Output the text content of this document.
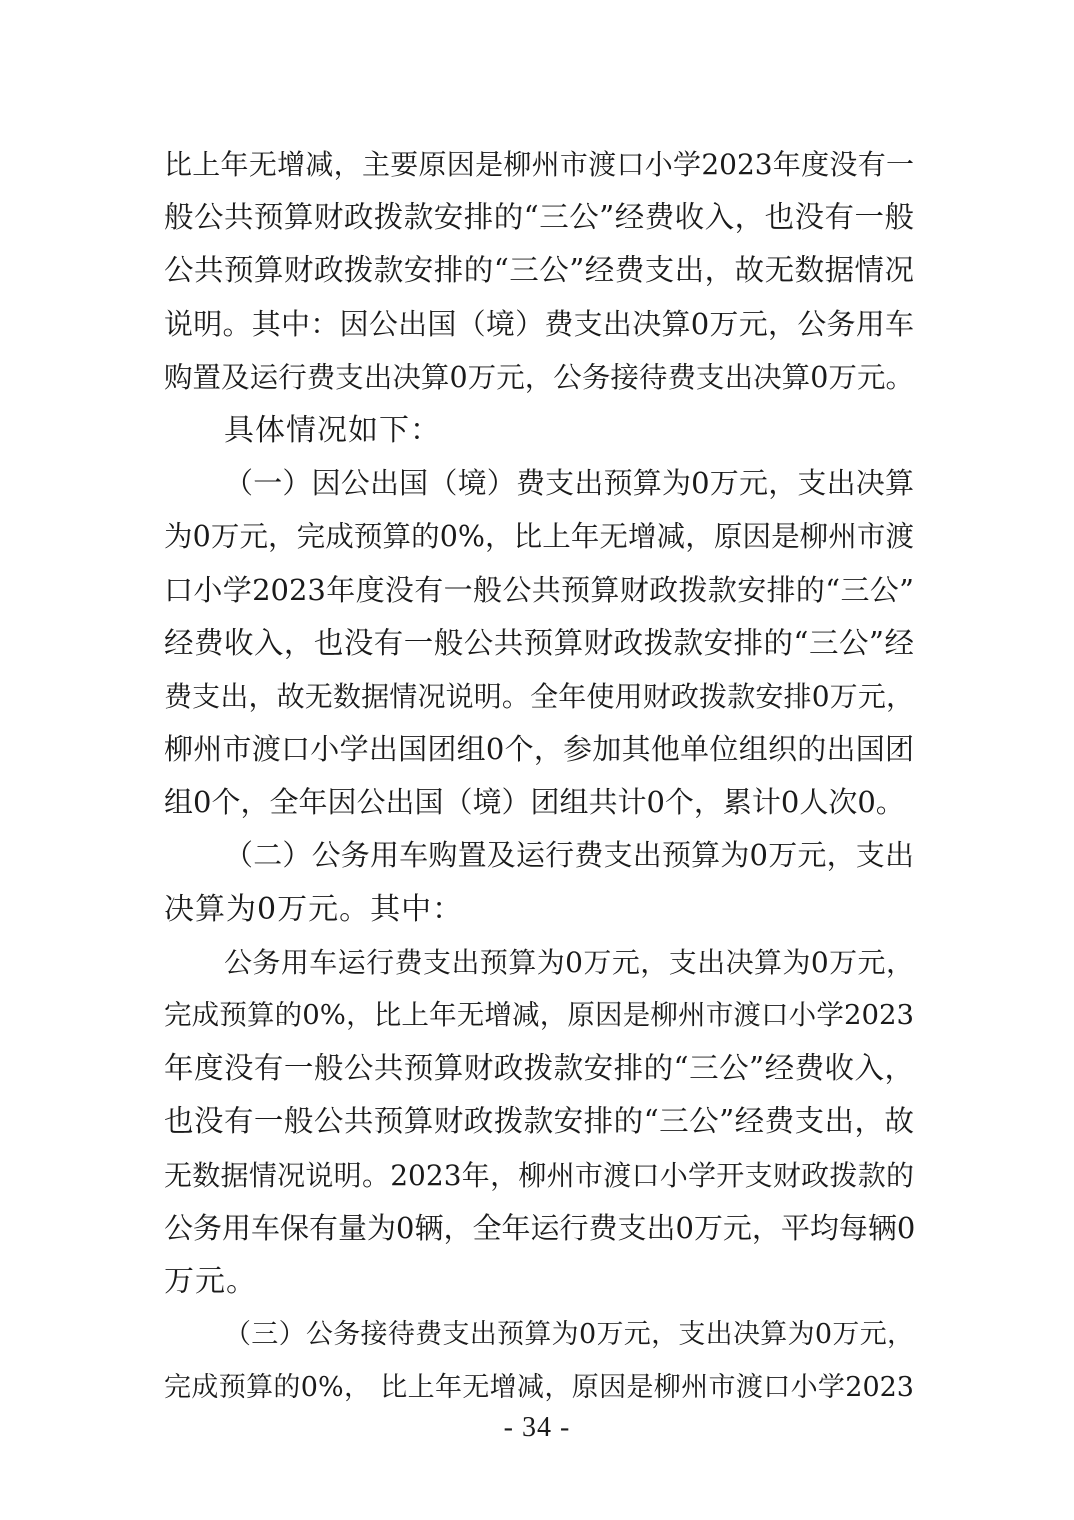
比上年无增减，主要原因是柳州市渡口小学2023年度没有一
般公共预算财政拨款安排的“三公”经费收入，也没有一般
公共预算财政拨款安排的“三公”经费支出，故无数据情况
说明。其中：因公出国（境）费支出决算0万元，公务用车
购置及运行费支出决算0万元，公务接待费支出决算0万元。
具体情况如下：
（一）因公出国（境）费支出预算为0万元，支出决算
为0万元，完成预算的0%，比上年无增减，原因是柳州市渡
口小学2023年度没有一般公共预算财政拨款安排的“三公”
经费收入，也没有一般公共预算财政拨款安排的“三公”经
费支出，故无数据情况说明。全年使用财政拨款安排0万元，
柳州市渡口小学出国团组0个，参加其他单位组织的出国团
组0个，全年因公出国（境）团组共计0个，累计0人次0。
（二）公务用车购置及运行费支出预算为0万元，支出
决算为0万元。其中：
公务用车运行费支出预算为0万元，支出决算为0万元，
完成预算的0%，比上年无增减，原因是柳州市渡口小学2023
年度没有一般公共预算财政拨款安排的“三公”经费收入，
也没有一般公共预算财政拨款安排的“三公”经费支出，故
无数据情况说明。2023年，柳州市渡口小学开支财政拨款的
公务用车保有量为0辆，全年运行费支出0万元，平均每辆0
万元。
（三）公务接待费支出预算为0万元，支出决算为0万元，
完成预算的0%， 比上年无增减，原因是柳州市渡口小学2023
- 34 -
